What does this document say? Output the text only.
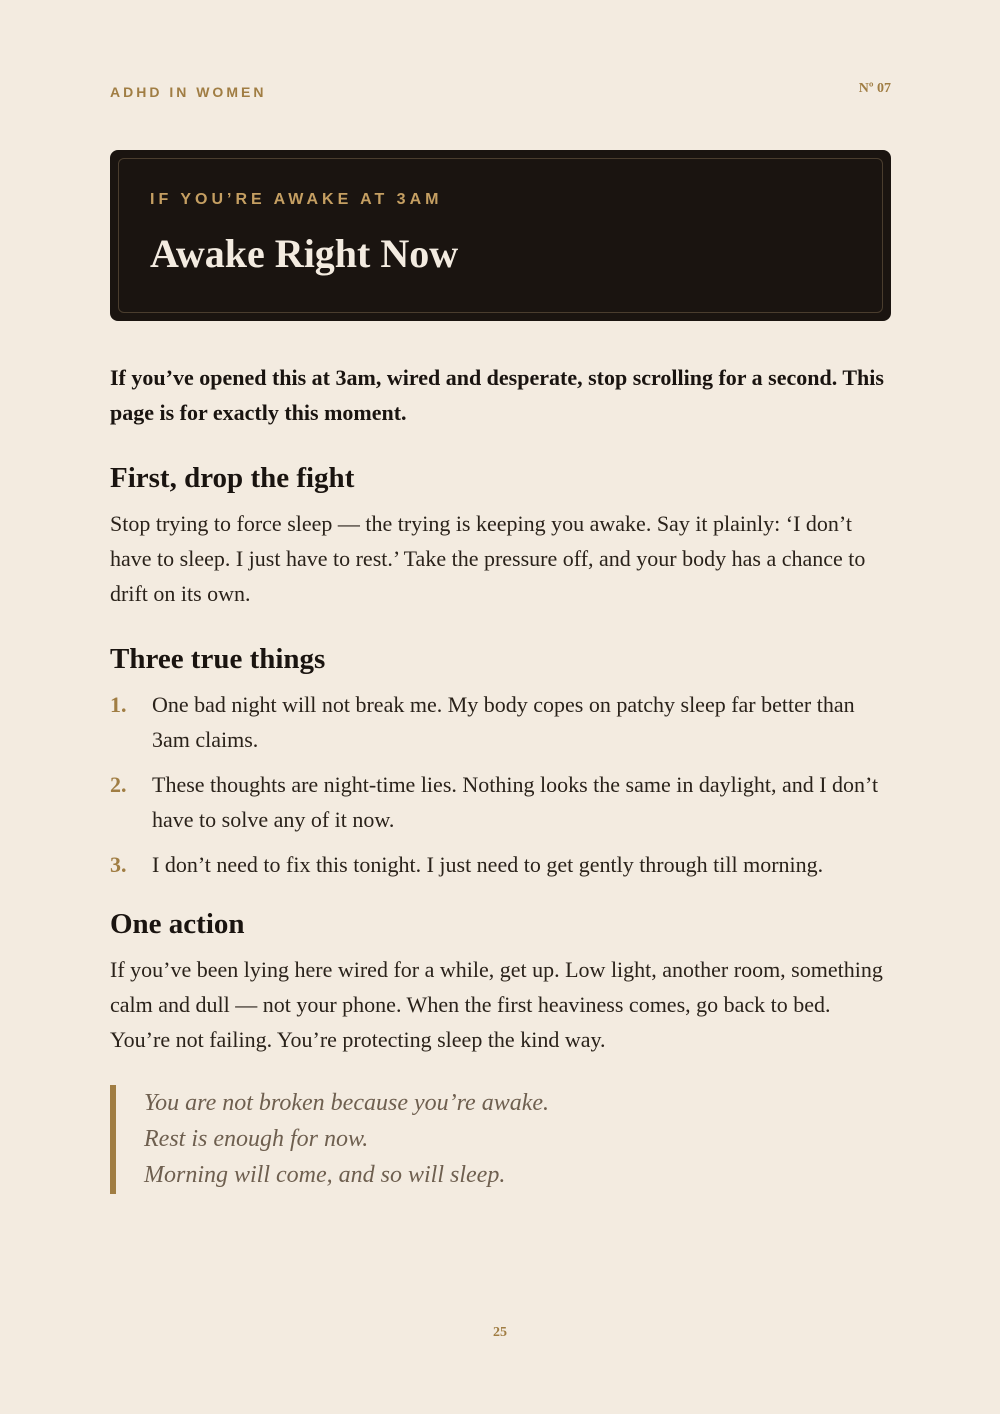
ADHD IN WOMEN	Nº 07
IF YOU’RE AWAKE AT 3AM
Awake Right Now

If you’ve opened this at 3am, wired and desperate, stop scrolling for a second. This page is for exactly this moment.

First, drop the fight

Stop trying to force sleep — the trying is keeping you awake. Say it plainly: ‘I don’t have to sleep. I just have to rest.’ Take the pressure off, and your body has a chance to drift on its own.

Three true things
1. One bad night will not break me. My body copes on patchy sleep far better than 3am claims.
2. These thoughts are night-time lies. Nothing looks the same in daylight, and I don’t have to solve any of it now.
3. I don’t need to fix this tonight. I just need to get gently through till morning.
One action

If you’ve been lying here wired for a while, get up. Low light, another room, something calm and dull — not your phone. When the first heaviness comes, go back to bed. You’re not failing. You’re protecting sleep the kind way.

You are not broken because you’re awake.
Rest is enough for now.
Morning will come, and so will sleep.
25
